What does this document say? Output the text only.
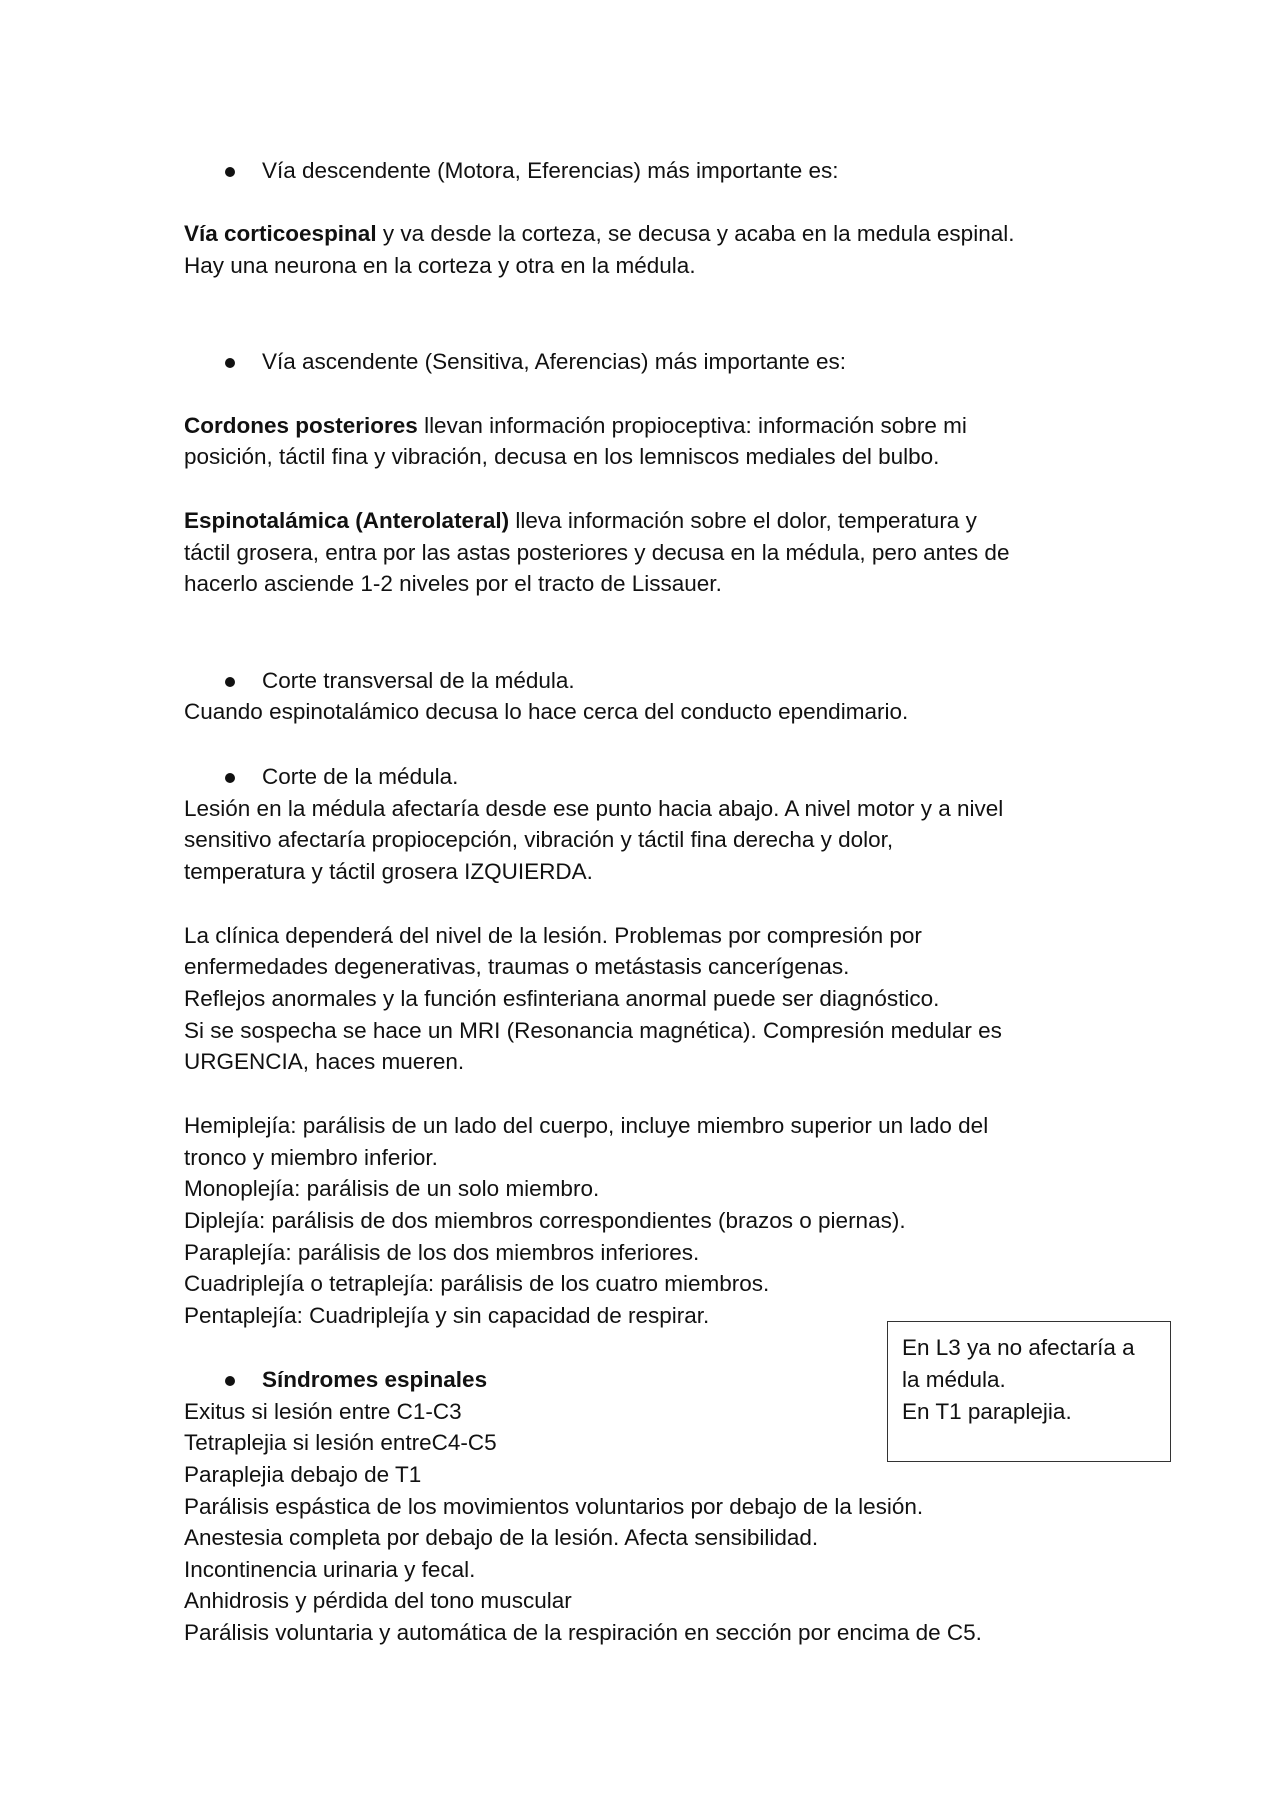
Vía descendente (Motora, Eferencias) más importante es:
Vía corticoespinal y va desde la corteza, se decusa y acaba en la medula espinal.
Hay una neurona en la corteza y otra en la médula.
Vía ascendente (Sensitiva, Aferencias) más importante es:
Cordones posteriores llevan información propioceptiva: información sobre mi
posición, táctil fina y vibración, decusa en los lemniscos mediales del bulbo.
Espinotalámica (Anterolateral) lleva información sobre el dolor, temperatura y
táctil grosera, entra por las astas posteriores y decusa en la médula, pero antes de
hacerlo asciende 1-2 niveles por el tracto de Lissauer.
Corte transversal de la médula.
Cuando espinotalámico decusa lo hace cerca del conducto ependimario.
Corte de la médula.
Lesión en la médula afectaría desde ese punto hacia abajo. A nivel motor y a nivel
sensitivo afectaría propiocepción, vibración y táctil fina derecha y dolor,
temperatura y táctil grosera IZQUIERDA.
La clínica dependerá del nivel de la lesión. Problemas por compresión por
enfermedades degenerativas, traumas o metástasis cancerígenas.
Reflejos anormales y la función esfinteriana anormal puede ser diagnóstico.
Si se sospecha se hace un MRI (Resonancia magnética). Compresión medular es
URGENCIA, haces mueren.
Hemiplejía: parálisis de un lado del cuerpo, incluye miembro superior un lado del
tronco y miembro inferior.
Monoplejía: parálisis de un solo miembro.
Diplejía: parálisis de dos miembros correspondientes (brazos o piernas).
Paraplejía: parálisis de los dos miembros inferiores.
Cuadriplejía o tetraplejía: parálisis de los cuatro miembros.
Pentaplejía: Cuadriplejía y sin capacidad de respirar.
Síndromes espinales
Exitus si lesión entre C1-C3
Tetraplejia si lesión entreC4-C5
Paraplejia debajo de T1
Parálisis espástica de los movimientos voluntarios por debajo de la lesión.
Anestesia completa por debajo de la lesión. Afecta sensibilidad.
Incontinencia urinaria y fecal.
Anhidrosis y pérdida del tono muscular
Parálisis voluntaria y automática de la respiración en sección por encima de C5.
En L3 ya no afectaría a
la médula.
En T1 paraplejia.
